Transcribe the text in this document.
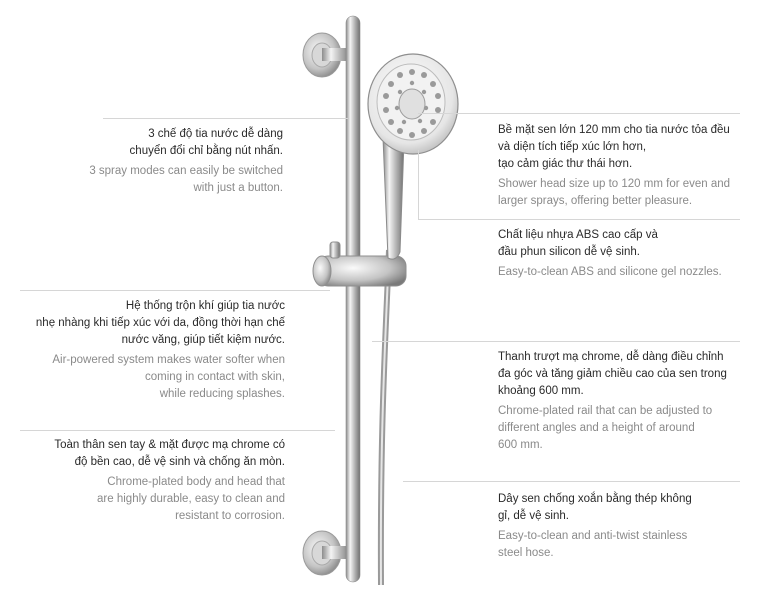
3 chế độ tia nước dễ dàng
chuyển đổi chỉ bằng nút nhấn.

3 spray modes can easily be switched
with just a button.

Bề mặt sen lớn 120 mm cho tia nước tỏa đều
và diện tích tiếp xúc lớn hơn,
tạo cảm giác thư thái hơn.

Shower head size up to 120 mm for even and
larger sprays, offering better pleasure.

Chất liệu nhựa ABS cao cấp và
đầu phun silicon dễ vệ sinh.

Easy-to-clean ABS and silicone gel nozzles.

Hệ thống trộn khí giúp tia nước
nhẹ nhàng khi tiếp xúc với da, đồng thời hạn chế
nước văng, giúp tiết kiệm nước.

Air-powered system makes water softer when
coming in contact with skin,
while reducing splashes.

Thanh trượt mạ chrome, dễ dàng điều chỉnh
đa góc và tăng giảm chiều cao của sen trong
khoảng 600 mm.

Chrome-plated rail that can be adjusted to
different angles and a height of around
600 mm.

Toàn thân sen tay & mặt được mạ chrome có
độ bền cao, dễ vệ sinh và chống ăn mòn.

Chrome-plated body and head that
are highly durable, easy to clean and
resistant to corrosion.

Dây sen chống xoắn bằng thép không
gỉ, dễ vệ sinh.

Easy-to-clean and anti-twist stainless
steel hose.
